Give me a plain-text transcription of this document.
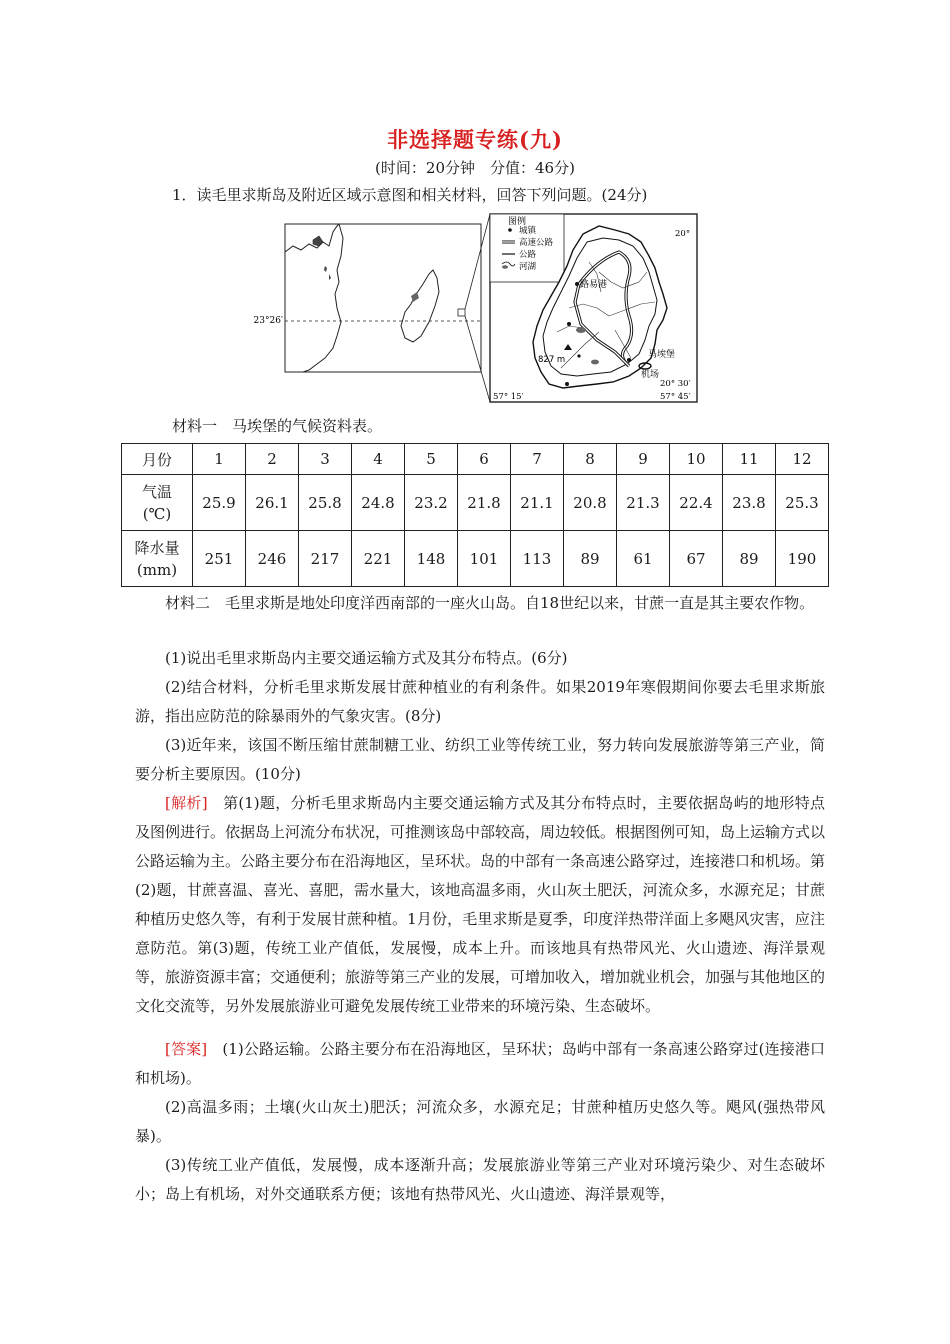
非选择题专练(九)
(时间：20分钟　分值：46分)
1．读毛里求斯岛及附近区域示意图和相关材料，回答下列问题。(24分)
23°26′
图例
城镇
高速公路
公路
河湖
路易港
马埃堡
机场
827 m
20°
20° 30′
57° 15′	57° 45′
材料一　马埃堡的气候资料表。
月份	1	2	3	4	5	6	7	8	9	10	11	12

气温
(℃)	25.9	26.1	25.8	24.8	23.2	21.8	21.1	20.8	21.3	22.4	23.8	25.3

降水量
(mm)	251	246	217	221	148	101	113	89	61	67	89	190
材料二　毛里求斯是地处印度洋西南部的一座火山岛。自18世纪以来，甘蔗一直是其主要农作物。
(1)说出毛里求斯岛内主要交通运输方式及其分布特点。(6分)
(2)结合材料，分析毛里求斯发展甘蔗种植业的有利条件。如果2019年寒假期间你要去毛里求斯旅游，指出应防范的除暴雨外的气象灾害。(8分)
(3)近年来，该国不断压缩甘蔗制糖工业、纺织工业等传统工业，努力转向发展旅游等第三产业，简要分析主要原因。(10分)
[解析]　第(1)题，分析毛里求斯岛内主要交通运输方式及其分布特点时，主要依据岛屿的地形特点及图例进行。依据岛上河流分布状况，可推测该岛中部较高，周边较低。根据图例可知，岛上运输方式以公路运输为主。公路主要分布在沿海地区，呈环状。岛的中部有一条高速公路穿过，连接港口和机场。第(2)题，甘蔗喜温、喜光、喜肥，需水量大，该地高温多雨，火山灰土肥沃，河流众多，水源充足；甘蔗种植历史悠久等，有利于发展甘蔗种植。1月份，毛里求斯是夏季，印度洋热带洋面上多飓风灾害，应注意防范。第(3)题，传统工业产值低，发展慢，成本上升。而该地具有热带风光、火山遗迹、海洋景观等，旅游资源丰富；交通便利；旅游等第三产业的发展，可增加收入，增加就业机会，加强与其他地区的文化交流等，另外发展旅游业可避免发展传统工业带来的环境污染、生态破坏。
[答案]　(1)公路运输。公路主要分布在沿海地区，呈环状；岛屿中部有一条高速公路穿过(连接港口和机场)。
(2)高温多雨；土壤(火山灰土)肥沃；河流众多，水源充足；甘蔗种植历史悠久等。飓风(强热带风暴)。
(3)传统工业产值低，发展慢，成本逐渐升高；发展旅游业等第三产业对环境污染少、对生态破坏小；岛上有机场，对外交通联系方便；该地有热带风光、火山遗迹、海洋景观等，
